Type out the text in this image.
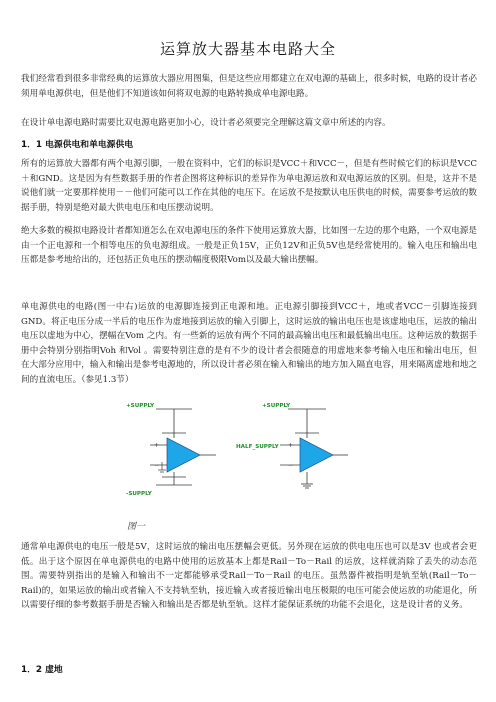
运算放大器基本电路大全

我们经常看到很多非常经典的运算放大器应用图集，但是这些应用都建立在双电源的基础上，很多时候，电路的设计者必须用单电源供电，但是他们不知道该如何将双电源的电路转换成单电源电路。

在设计单电源电路时需要比双电源电路更加小心，设计者必须要完全理解这篇文章中所述的内容。

1．1 电源供电和单电源供电

所有的运算放大器都有两个电源引脚，一般在资料中，它们的标识是VCC＋和VCC－，但是有些时候它们的标识是VCC＋和GND。这是因为有些数据手册的作者企图将这种标识的差异作为单电源运放和双电源运放的区别。但是，这并不是说他们就一定要那样使用－－他们可能可以工作在其他的电压下。在运放不是按默认电压供电的时候，需要参考运放的数据手册，特别是绝对最大供电电压和电压摆动说明。

绝大多数的模拟电路设计者都知道怎么在双电源电压的条件下使用运算放大器，比如图一左边的那个电路，一个双电源是由一个正电源和一个相等电压的负电源组成。一般是正负15V，正负12V和正负5V也是经常使用的。输入电压和输出电压都是参考地给出的，还包括正负电压的摆动幅度极限Vom以及最大输出摆幅。

单电源供电的电路(图一中右)运放的电源脚连接到正电源和地。正电源引脚接到VCC＋，地或者VCC－引脚连接到GND。将正电压分成一半后的电压作为虚地接到运放的输入引脚上，这时运放的输出电压也是该虚地电压，运放的输出电压以虚地为中心，摆幅在Vom 之内。有一些新的运放有两个不同的最高输出电压和最低输出电压。这种运放的数据手册中会特别分别指明Voh 和Vol 。需要特别注意的是有不少的设计者会很随意的用虚地来参考输入电压和输出电压，但在大部分应用中，输入和输出是参考电源地的，所以设计者必须在输入和输出的地方加入隔直电容，用来隔离虚地和地之间的直流电压。（参见1.3节）

+
−
+SUPPLY
-SUPPLY
+
−
+SUPPLY
HALF_SUPPLY
图一

通常单电源供电的电压一般是5V，这时运放的输出电压摆幅会更低。另外现在运放的供电电压也可以是3V 也或者会更低。出于这个原因在单电源供电的电路中使用的运放基本上都是Rail－To－Rail 的运放，这样就消除了丢失的动态范围。需要特别指出的是输入和输出不一定都能够承受Rail－To－Rail 的电压。虽然器件被指明是轨至轨(Rail－To－Rail)的，如果运放的输出或者输入不支持轨至轨，接近输入或者接近输出电压极限的电压可能会使运放的功能退化，所以需要仔细的参考数据手册是否输入和输出是否都是轨至轨。这样才能保证系统的功能不会退化，这是设计者的义务。

1．2 虚地
